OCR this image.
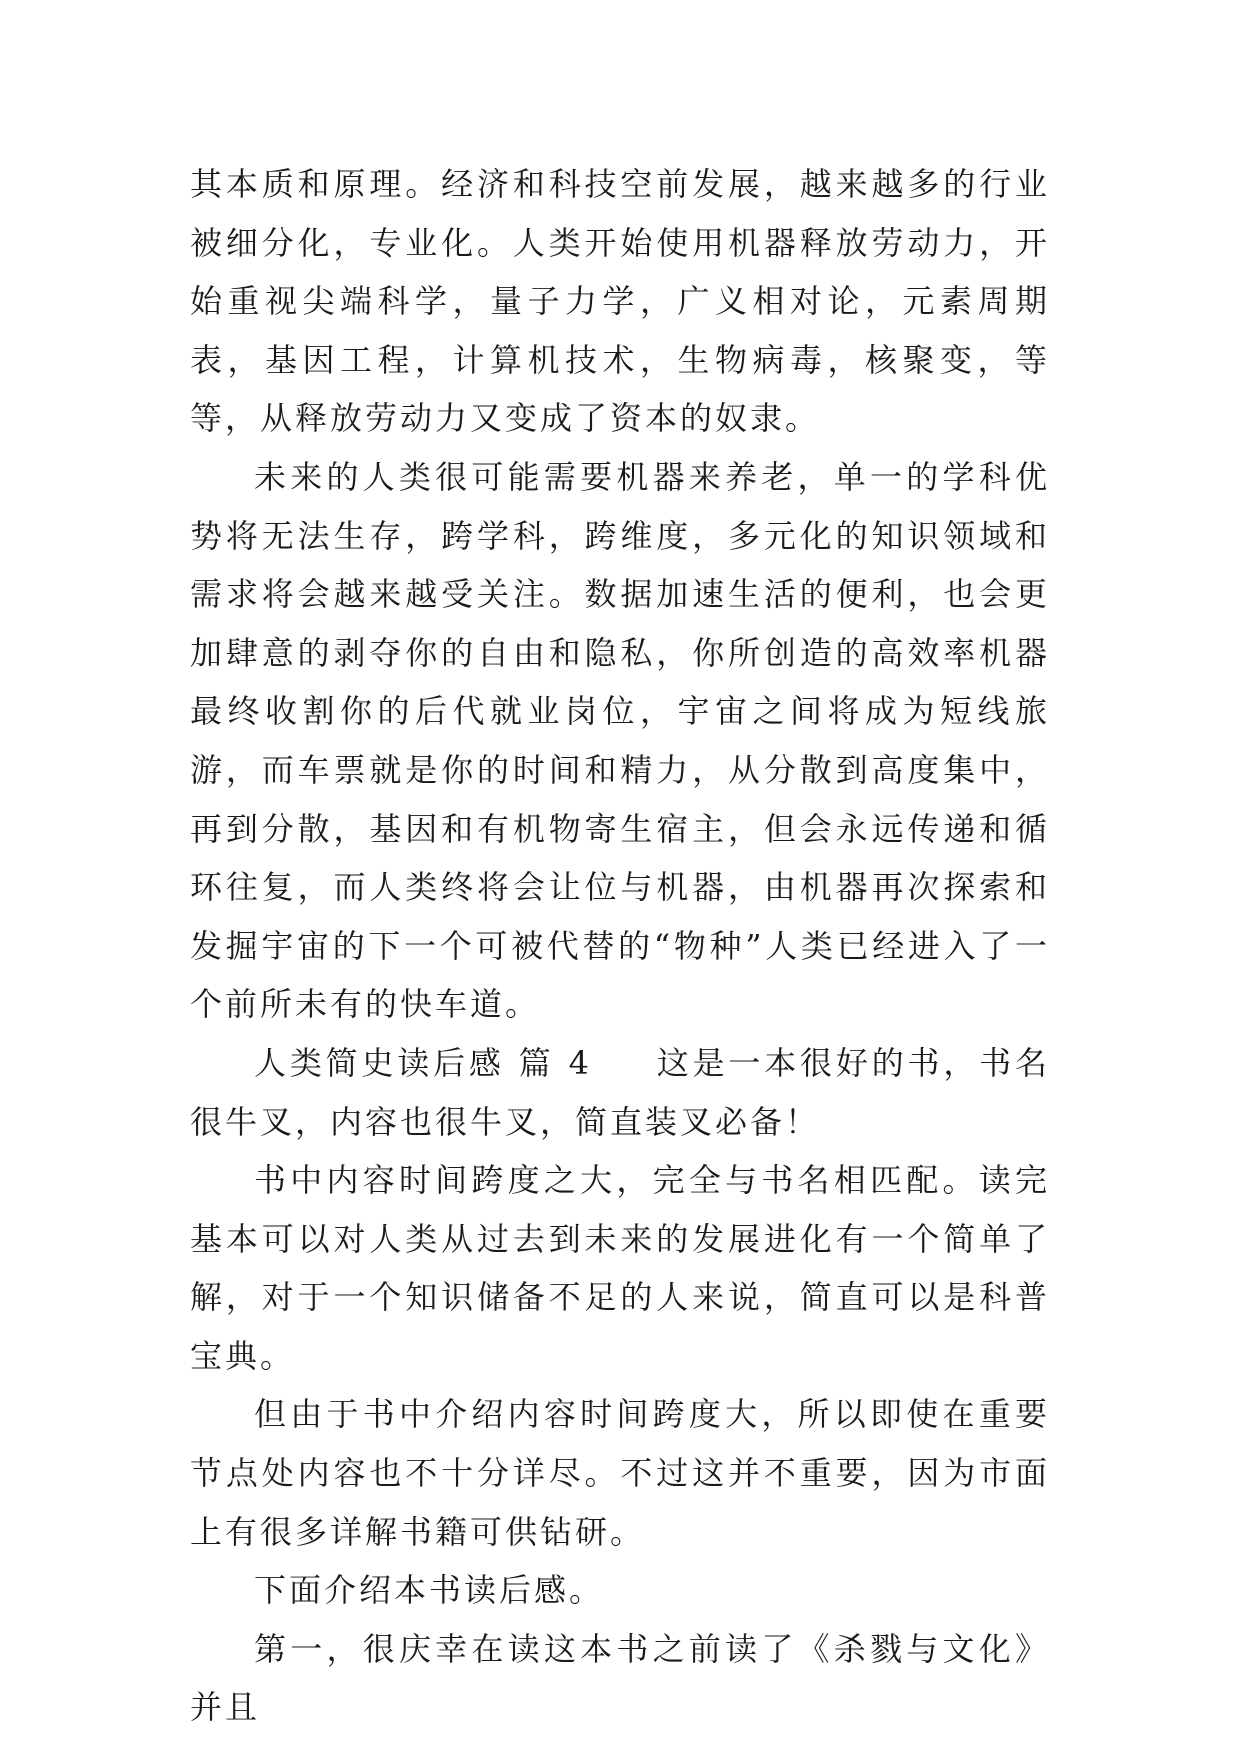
其本质和原理。经济和科技空前发展，越来越多的行业被细分化，专业化。人类开始使用机器释放劳动力，开始重视尖端科学，量子力学，广义相对论，元素周期表，基因工程，计算机技术，生物病毒，核聚变，等等，从释放劳动力又变成了资本的奴隶。

未来的人类很可能需要机器来养老，单一的学科优势将无法生存，跨学科，跨维度，多元化的知识领域和需求将会越来越受关注。数据加速生活的便利，也会更加肆意的剥夺你的自由和隐私，你所创造的高效率机器最终收割你的后代就业岗位，宇宙之间将成为短线旅游，而车票就是你的时间和精力，从分散到高度集中，再到分散，基因和有机物寄生宿主，但会永远传递和循环往复，而人类终将会让位与机器，由机器再次探索和发掘宇宙的下一个可被代替的“物种”人类已经进入了一个前所未有的快车道。

人类简史读后感 篇 4 这是一本很好的书，书名很牛叉，内容也很牛叉，简直装叉必备！

书中内容时间跨度之大，完全与书名相匹配。读完基本可以对人类从过去到未来的发展进化有一个简单了解，对于一个知识储备不足的人来说，简直可以是科普宝典。

但由于书中介绍内容时间跨度大，所以即使在重要节点处内容也不十分详尽。不过这并不重要，因为市面上有很多详解书籍可供钻研。

下面介绍本书读后感。

第一，很庆幸在读这本书之前读了《杀戮与文化》并且
